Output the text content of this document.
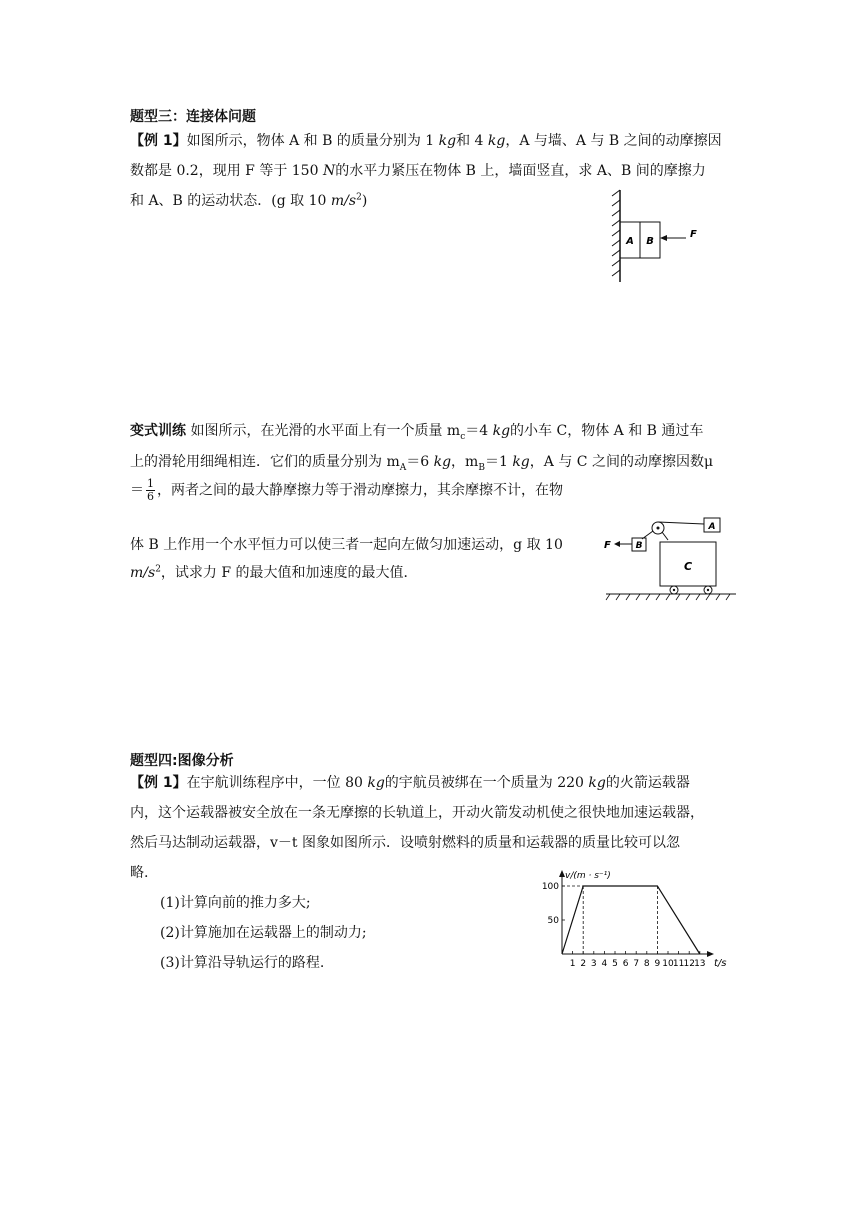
题型三：连接体问题
【例 1】如图所示，物体 A 和 B 的质量分别为 1 kg和 4 kg，A 与墙、A 与 B 之间的动摩擦因
数都是 0.2，现用 F 等于 150 N的水平力紧压在物体 B 上，墙面竖直，求 A、B 间的摩擦力
和 A、B 的运动状态．(g 取 10 $m/s^2$)
A B
F
变式训练 如图所示，在光滑的水平面上有一个质量 $m_c=4$ kg的小车 C，物体 A 和 B 通过车
上的滑轮用细绳相连．它们的质量分别为 $m_A=6$ kg，$m_B=1$ kg，A 与 C 之间的动摩擦因数μ
＝ $\frac{1}{6}$ ，两者之间的最大静摩擦力等于滑动摩擦力，其余摩擦不计，在物
体 B 上作用一个水平恒力可以使三者一起向左做匀加速运动，g 取 10
$m/s^2$，试求力 F 的最大值和加速度的最大值．	C
A
B
F
题型四:图像分析
【例 1】在宇航训练程序中，一位 80 kg的宇航员被绑在一个质量为 220 kg的火箭运载器
内，这个运载器被安全放在一条无摩擦的长轨道上，开动火箭发动机使之很快地加速运载器，
然后马达制动运载器，v－t 图象如图所示．设喷射燃料的质量和运载器的质量比较可以忽
略.
(1)计算向前的推力多大;
(2)计算施加在运载器上的制动力;
(3)计算沿导轨运行的路程.
v/(m · s⁻¹)
t/s
50
100
1 2 3 4 5 6 7 8 9 10 11 12 13
